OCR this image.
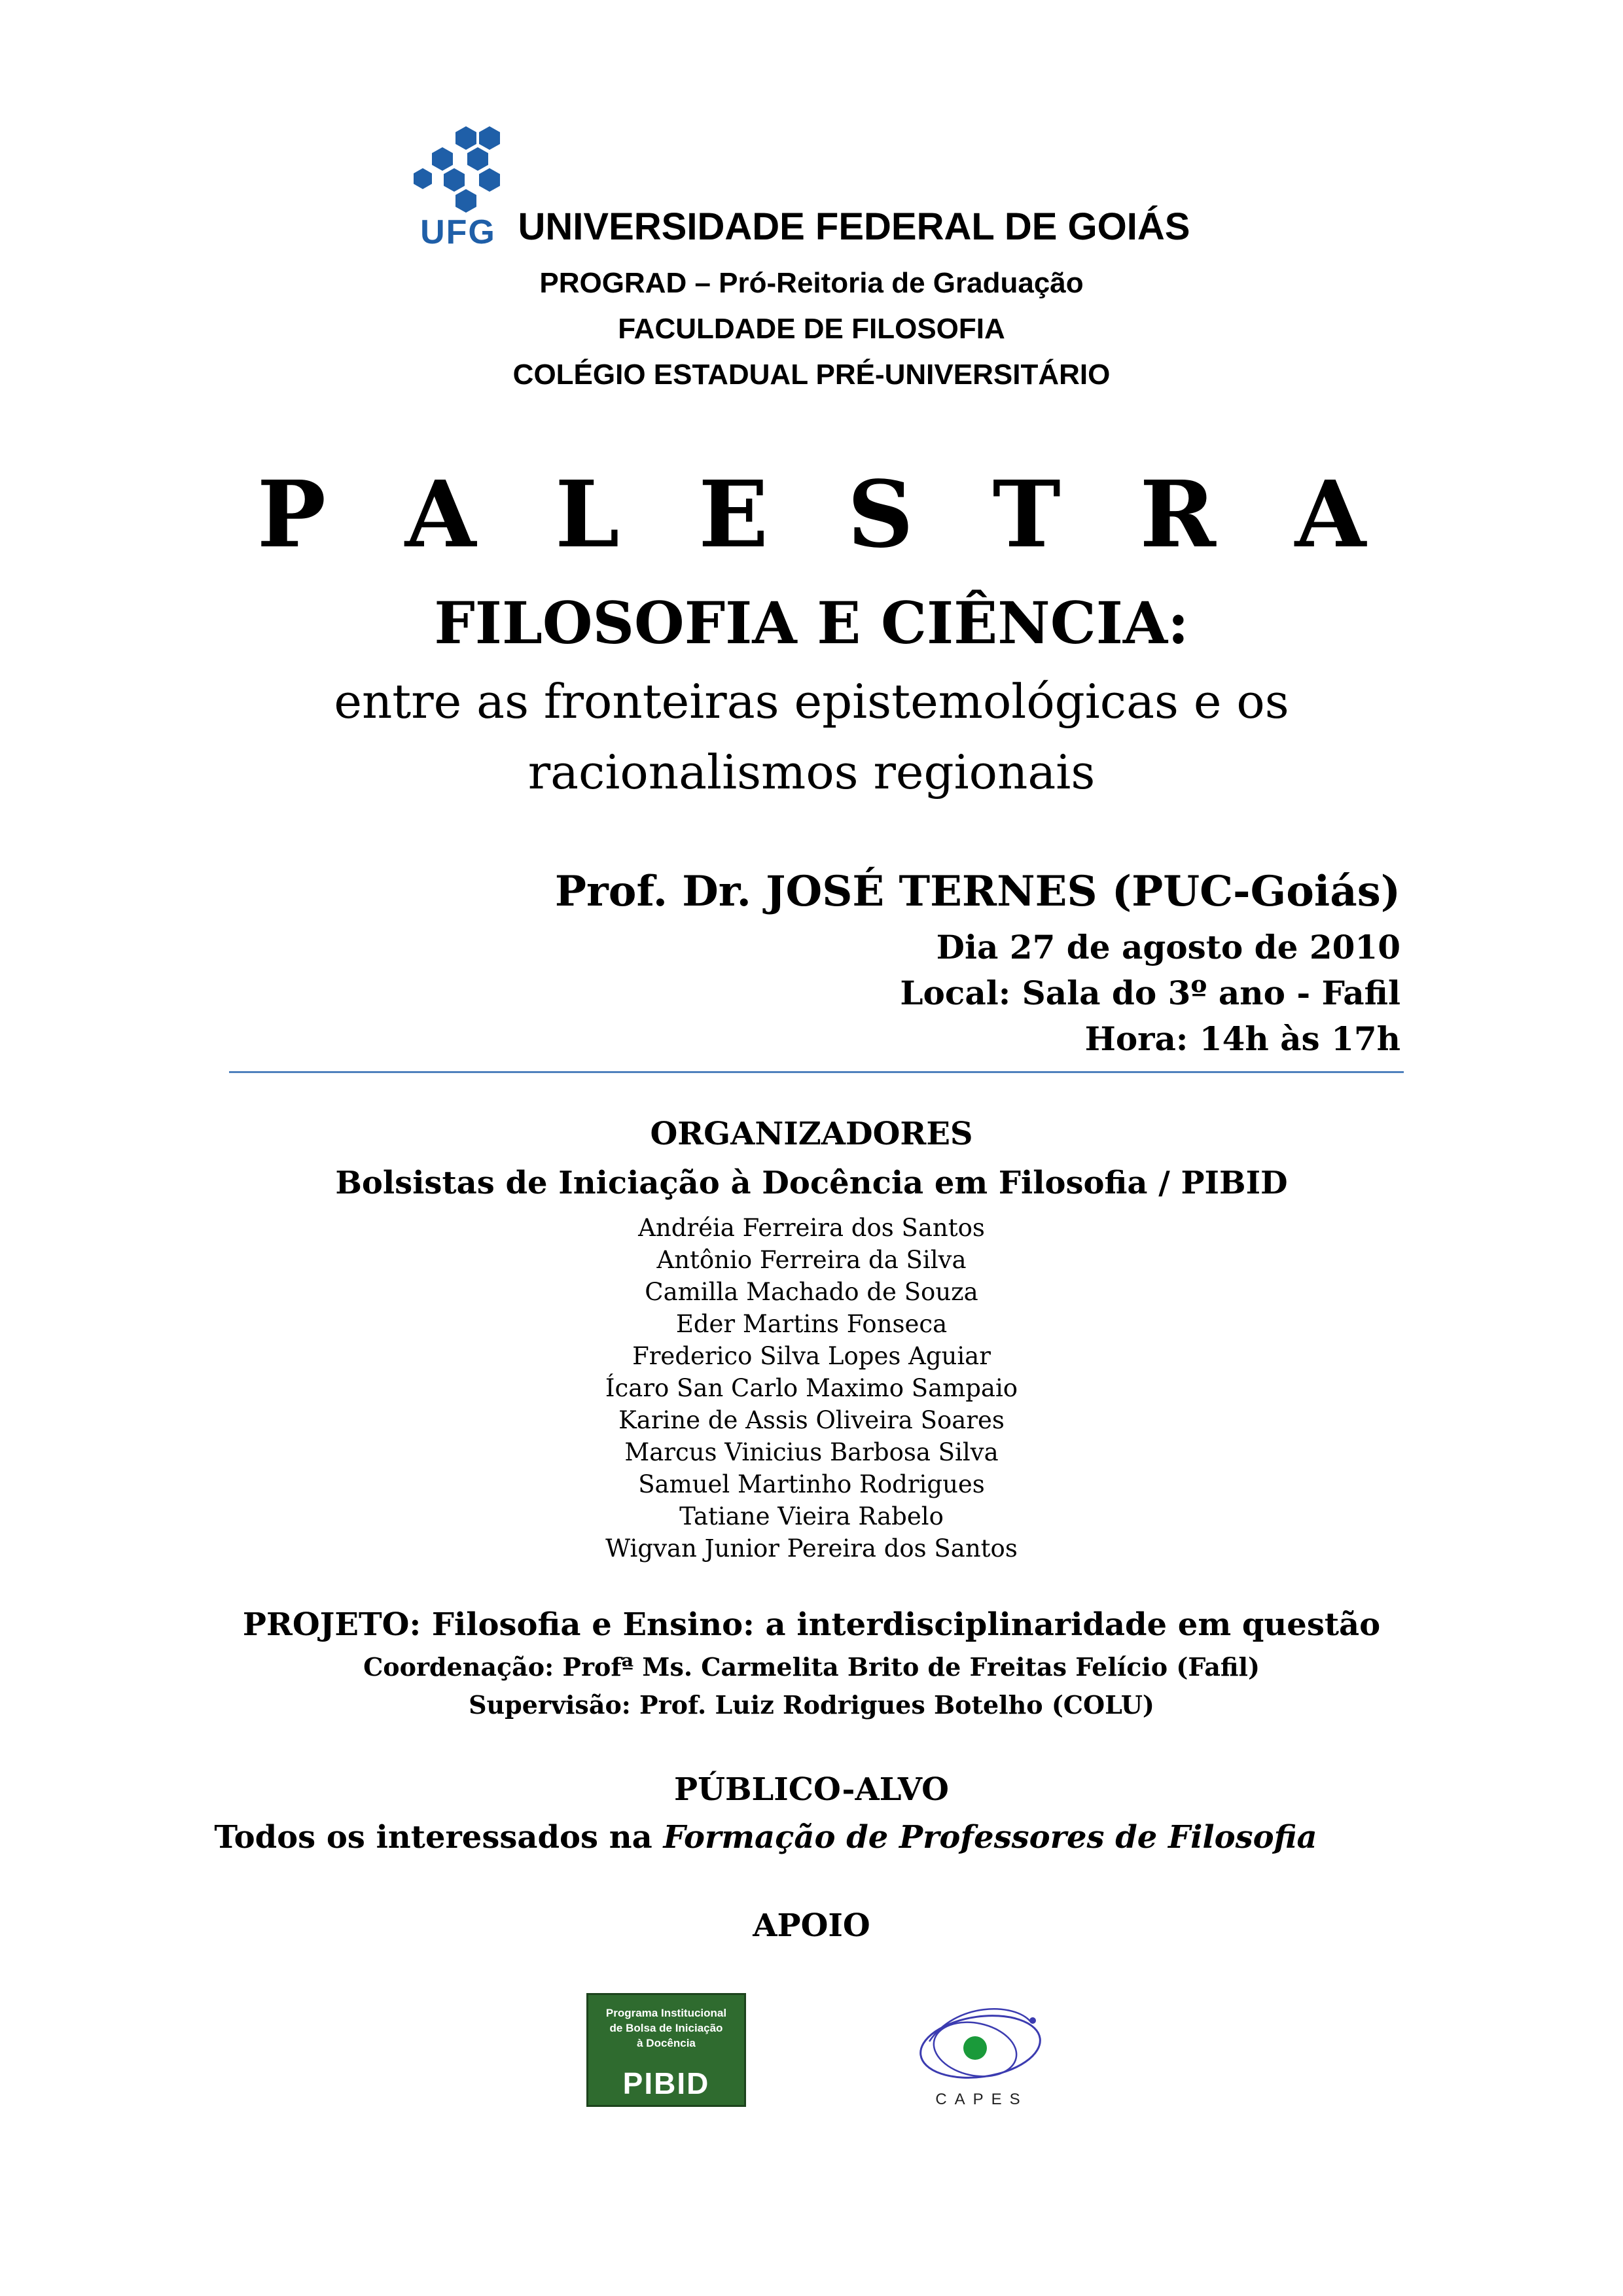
UFG UNIVERSIDADE FEDERAL DE GOIÁS
PROGRAD – Pró-Reitoria de Graduação
FACULDADE DE FILOSOFIA
COLÉGIO ESTADUAL PRÉ-UNIVERSITÁRIO
P A L E S T R A
FILOSOFIA E CIÊNCIA:
entre as fronteiras epistemológicas e os
racionalismos regionais
Prof. Dr. JOSÉ TERNES (PUC-Goiás)
Dia 27 de agosto de 2010
Local: Sala do 3º ano - Fafil
Hora: 14h às 17h
ORGANIZADORES
Bolsistas de Iniciação à Docência em Filosofia / PIBID
Andréia Ferreira dos Santos
Antônio Ferreira da Silva
Camilla Machado de Souza
Eder Martins Fonseca
Frederico Silva Lopes Aguiar
Ícaro San Carlo Maximo Sampaio
Karine de Assis Oliveira Soares
Marcus Vinicius Barbosa Silva
Samuel Martinho Rodrigues
Tatiane Vieira Rabelo
Wigvan Junior Pereira dos Santos
PROJETO: Filosofia e Ensino: a interdisciplinaridade em questão
Coordenação: Profª Ms. Carmelita Brito de Freitas Felício (Fafil)
Supervisão: Prof. Luiz Rodrigues Botelho (COLU)
PÚBLICO-ALVO
Todos os interessados na Formação de Professores de Filosofia
APOIO
Programa Institucional
de Bolsa de Iniciação
à Docência
PIBID	CAPES
